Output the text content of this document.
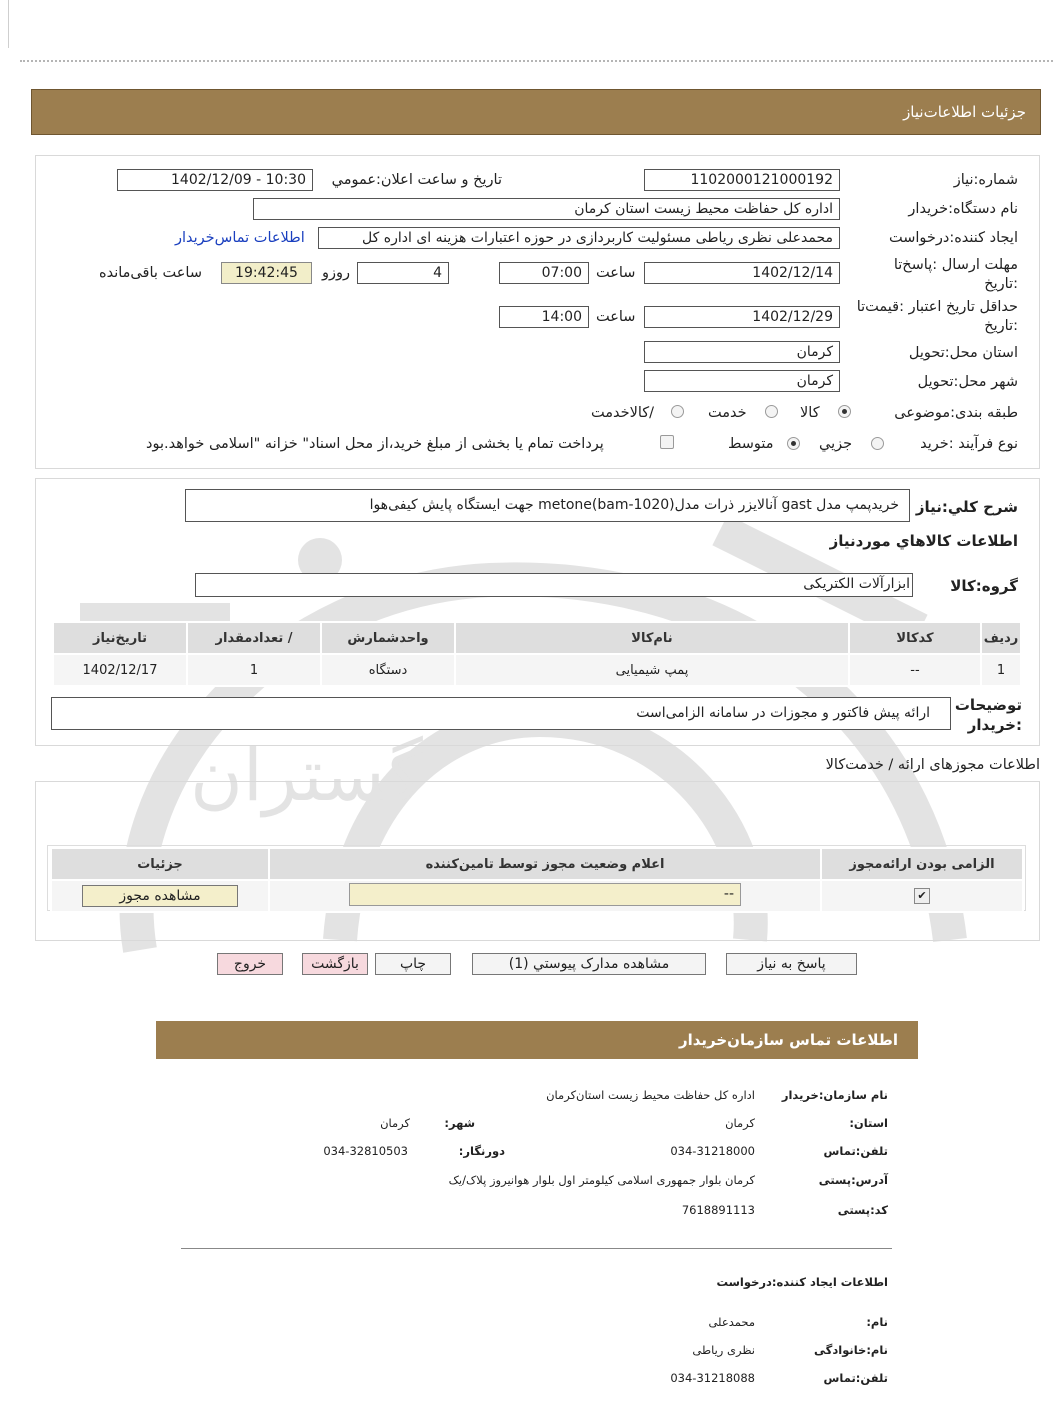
گستران
جزئیات اطلاعات‌نیاز
شماره‌:نیاز
1102000121000192
تاریخ و ساعت اعلان:عمومي
1402/12/09 - 10:30
نام دستگاه‌:خریدار
اداره کل حفاظت محیط زیست استان کرمان
ایجاد کننده‌:درخواست
محمدعلی نظری ریاطی مسئولیت کاربردازی در حوزه اعتبارات هزینه ای اداره کل
اطلاعات تماس‌خریدار
مهلت ارسال :پاسخ‌تا :تاریخ
1402/12/14
ساعت
07:00
4
روزو
19:42:45
ساعت باقی‌مانده
حداقل تاریخ اعتبار :قیمت‌تا :تاریخ
1402/12/29
ساعت
14:00
استان محل‌:تحویل
کرمان
شهر محل‌:تحویل
کرمان
طبقه بندی‌:موضوعی
کالا
خدمت
/کالاخدمت
نوع فرآیند :خرید
جزیي
متوسط
پرداخت تمام یا بخشی از مبلغ خرید،از محل اسناد" خزانه "اسلامی خواهد.بود
شرح کلي‌:نیاز
خریدپمپ مدل gast آنالایزر ذرات مدلmetone(bam-1020) جهت ایستگاه پایش کیفی‌هوا
اطلاعات کالاهاي موردنیاز
گروه‌:کالا
ابزارآلات الکتریکی
ردیف	کدکالا	نام‌کالا	واحدشمارش	/ تعدادمقدار	تاریخ‌نیاز
1	--	پمپ شیمیایی	دستگاه	1	1402/12/17
توضیحات
:خریدار
ارائه پیش فاکتور و مجوزات در سامانه الزامی‌است
اطلاعات مجوزهای ارائه / خدمت‌کالا
الزامی بودن ارائه‌مجوز	اعلام وضعیت مجوز توسط تامین‌کننده	جزئیات
✔	--	مشاهده مجوز
پاسخ به نیاز
مشاهده مدارک پیوستي (1)
چاپ
بازگشت
خروج
اطلاعات تماس سازمان‌خریدار
نام سازمان‌:خریدار
اداره کل حفاظت محیط زیست استان‌کرمان
استان:
کرمان
شهر:
کرمان
تلفن‌:تماس
034-31218000
دورنگار:
034-32810503
آدرس‌:پستی
کرمان بلوار جمهوری اسلامی کیلومتر اول بلوار هوانیروز پلاک/یک
کد‌:پستی
7618891113
اطلاعات ایجاد کننده‌:درخواست
نام:
محمدعلی
نام‌:خانوادگی
نظری ریاطی
تلفن‌:تماس
034-31218088
